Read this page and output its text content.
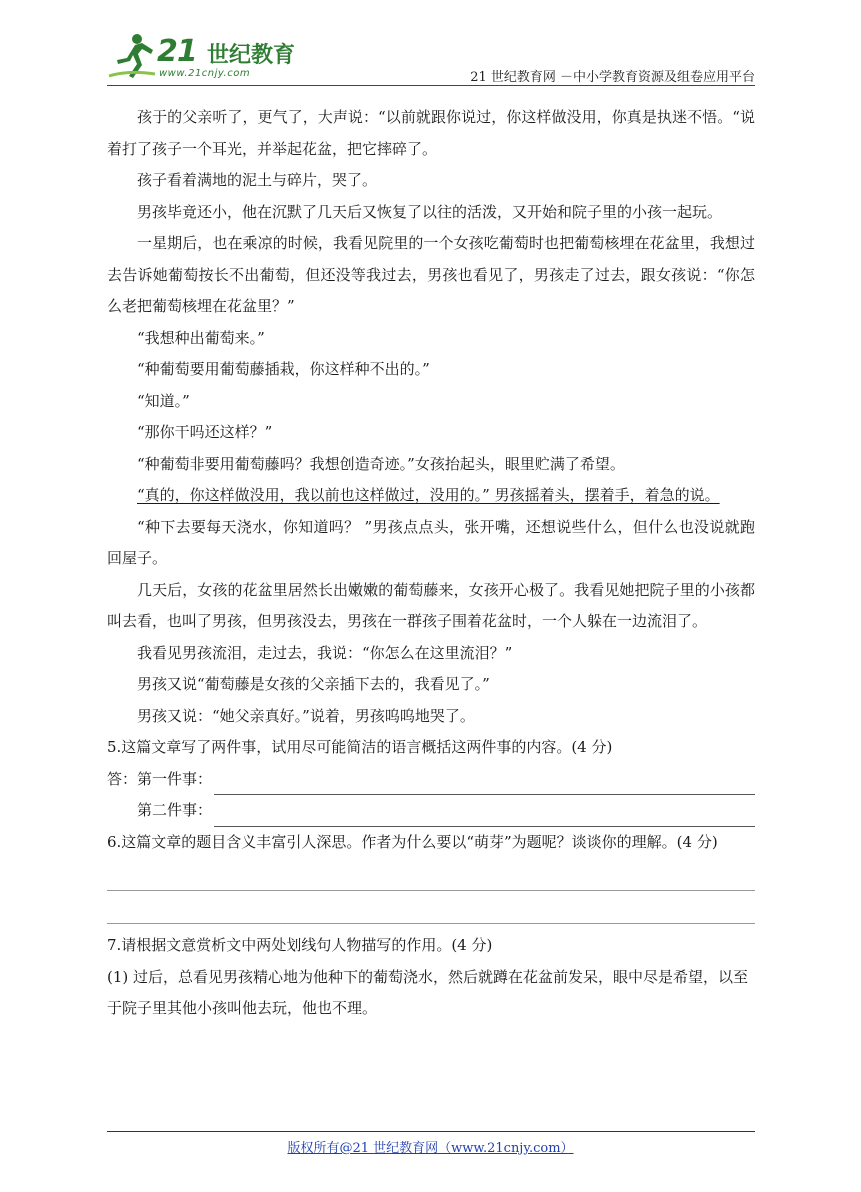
21 世纪教育
www.21cnjy.com	21 世纪教育网 －中小学教育资源及组卷应用平台

孩于的父亲听了，更气了，大声说：“以前就跟你说过，你这样做没用，你真是执迷不悟。“说着打了孩子一个耳光，并举起花盆，把它摔碎了。

孩子看着满地的泥土与碎片，哭了。

男孩毕竟还小，他在沉默了几天后又恢复了以往的活泼，又开始和院子里的小孩一起玩。

一星期后，也在乘凉的时候，我看见院里的一个女孩吃葡萄时也把葡萄核埋在花盆里，我想过去告诉她葡萄按长不出葡萄，但还没等我过去，男孩也看见了，男孩走了过去，跟女孩说：“你怎么老把葡萄核埋在花盆里？”

“我想种出葡萄来。”

“种葡萄要用葡萄藤插栽，你这样种不出的。”

“知道。”

“那你干吗还这样？”

“种葡萄非要用葡萄藤吗？我想创造奇迹。”女孩抬起头，眼里贮满了希望。

“真的，你这样做没用，我以前也这样做过，没用的。” 男孩摇着头，摆着手，着急的说。

“种下去要每天浇水，你知道吗？ ”男孩点点头，张开嘴，还想说些什么，但什么也没说就跑回屋子。

几天后，女孩的花盆里居然长出嫩嫩的葡萄藤来，女孩开心极了。我看见她把院子里的小孩都叫去看，也叫了男孩，但男孩没去，男孩在一群孩子围着花盆时，一个人躲在一边流泪了。

我看见男孩流泪，走过去，我说：“你怎么在这里流泪？”

男孩又说“葡萄藤是女孩的父亲插下去的，我看见了。”

男孩又说：“她父亲真好。”说着，男孩呜呜地哭了。

5.这篇文章写了两件事，试用尽可能简洁的语言概括这两件事的内容。(4 分)

答：第一件事：
第二件事：

6.这篇文章的题目含义丰富引人深思。作者为什么要以“萌芽”为题呢？谈谈你的理解。(4 分)

7.请根据文意赏析文中两处划线句人物描写的作用。(4 分)

(1) 过后，总看见男孩精心地为他种下的葡萄浇水，然后就蹲在花盆前发呆，眼中尽是希望，以至于院子里其他小孩叫他去玩，他也不理。

版权所有@21 世纪教育网（www.21cnjy.com）
